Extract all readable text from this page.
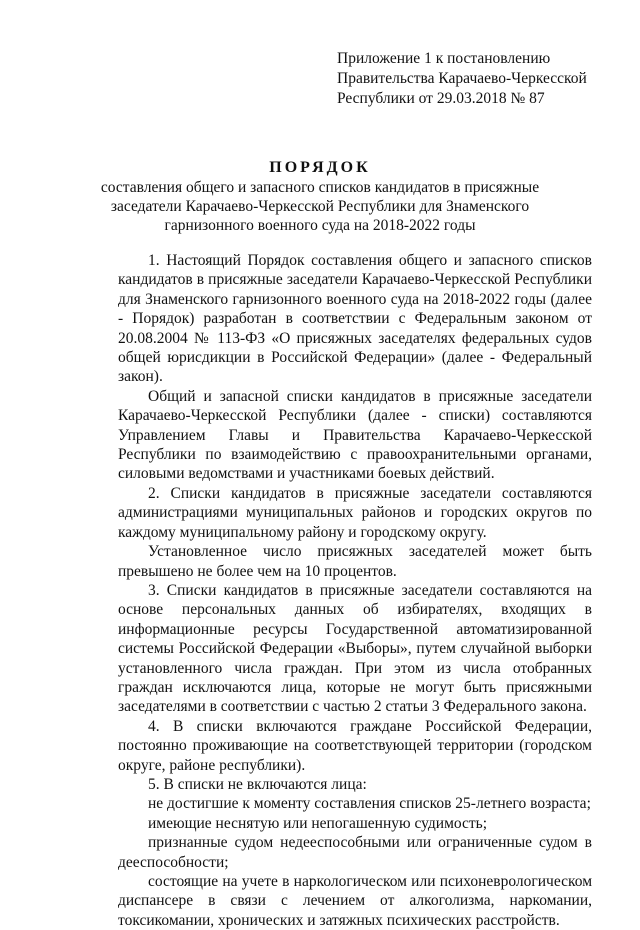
Приложение 1 к постановлению
Правительства Карачаево-Черкесской
Республики от 29.03.2018 № 87
ПОРЯДОК
составления общего и запасного списков кандидатов в присяжные
заседатели Карачаево-Черкесской Республики для Знаменского
гарнизонного военного суда на 2018-2022 годы

1. Настоящий Порядок составления общего и запасного списков кандидатов в присяжные заседатели Карачаево-Черкесской Республики для Знаменского гарнизонного военного суда на 2018-2022 годы (далее - Порядок) разработан в соответствии с Федеральным законом от 20.08.2004 № 113-ФЗ «О присяжных заседателях федеральных судов общей юрисдикции в Российской Федерации» (далее - Федеральный закон).

Общий и запасной списки кандидатов в присяжные заседатели Карачаево-Черкесской Республики (далее - списки) составляются Управлением Главы и Правительства Карачаево-Черкесской Республики по взаимодействию с правоохранительными органами, силовыми ведомствами и участниками боевых действий.

2. Списки кандидатов в присяжные заседатели составляются администрациями муниципальных районов и городских округов по каждому муниципальному району и городскому округу.

Установленное число присяжных заседателей может быть превышено не более чем на 10 процентов.

3. Списки кандидатов в присяжные заседатели составляются на основе персональных данных об избирателях, входящих в информационные ресурсы Государственной автоматизированной системы Российской Федерации «Выборы», путем случайной выборки установленного числа граждан. При этом из числа отобранных граждан исключаются лица, которые не могут быть присяжными заседателями в соответствии с частью 2 статьи 3 Федерального закона.

4. В списки включаются граждане Российской Федерации, постоянно проживающие на соответствующей территории (городском округе, районе республики).

5. В списки не включаются лица:

не достигшие к моменту составления списков 25-летнего возраста;

имеющие неснятую или непогашенную судимость;

признанные судом недееспособными или ограниченные судом в дееспособности;

состоящие на учете в наркологическом или психоневрологическом диспансере в связи с лечением от алкоголизма, наркомании, токсикомании, хронических и затяжных психических расстройств.
